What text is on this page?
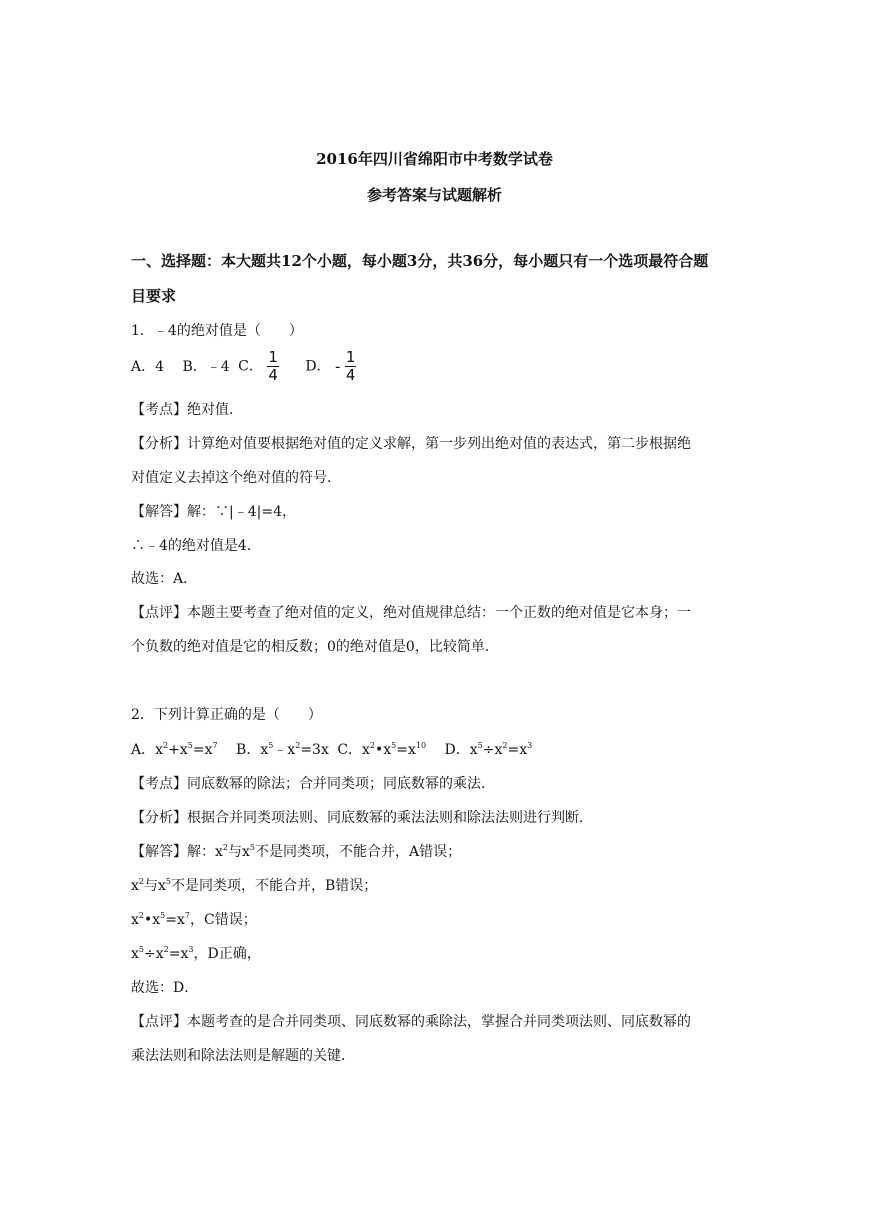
2016年四川省绵阳市中考数学试卷
参考答案与试题解析
一、选择题：本大题共12个小题，每小题3分，共36分，每小题只有一个选项最符合题
目要求
1．﹣4的绝对值是（　　）
A．4 B．﹣4 C． $\frac{1}{4}$ D． - $\frac{1}{4}$
【考点】绝对值．
【分析】计算绝对值要根据绝对值的定义求解，第一步列出绝对值的表达式，第二步根据绝
对值定义去掉这个绝对值的符号．
【解答】解：∵|﹣4|=4，
∴﹣4的绝对值是4．
故选：A．
【点评】本题主要考查了绝对值的定义，绝对值规律总结：一个正数的绝对值是它本身；一
个负数的绝对值是它的相反数；0的绝对值是0，比较简单．
2．下列计算正确的是（　　）
A．$x^2+x^5=x^7$ B．$x^5﹣x^2=3x$ C．$x^2•x^5=x^{10}$ D．$x^5\div x^2=x^3$
【考点】同底数幂的除法；合并同类项；同底数幂的乘法．
【分析】根据合并同类项法则、同底数幂的乘法法则和除法法则进行判断．
【解答】解：$x^2$与$x^5$不是同类项，不能合并，A错误；
$x^2$与$x^5$不是同类项，不能合并，B错误；
$x^2•x^5=x^7$，C错误；
$x^5\div x^2=x^3$，D正确，
故选：D．
【点评】本题考查的是合并同类项、同底数幂的乘除法，掌握合并同类项法则、同底数幂的
乘法法则和除法法则是解题的关键．
